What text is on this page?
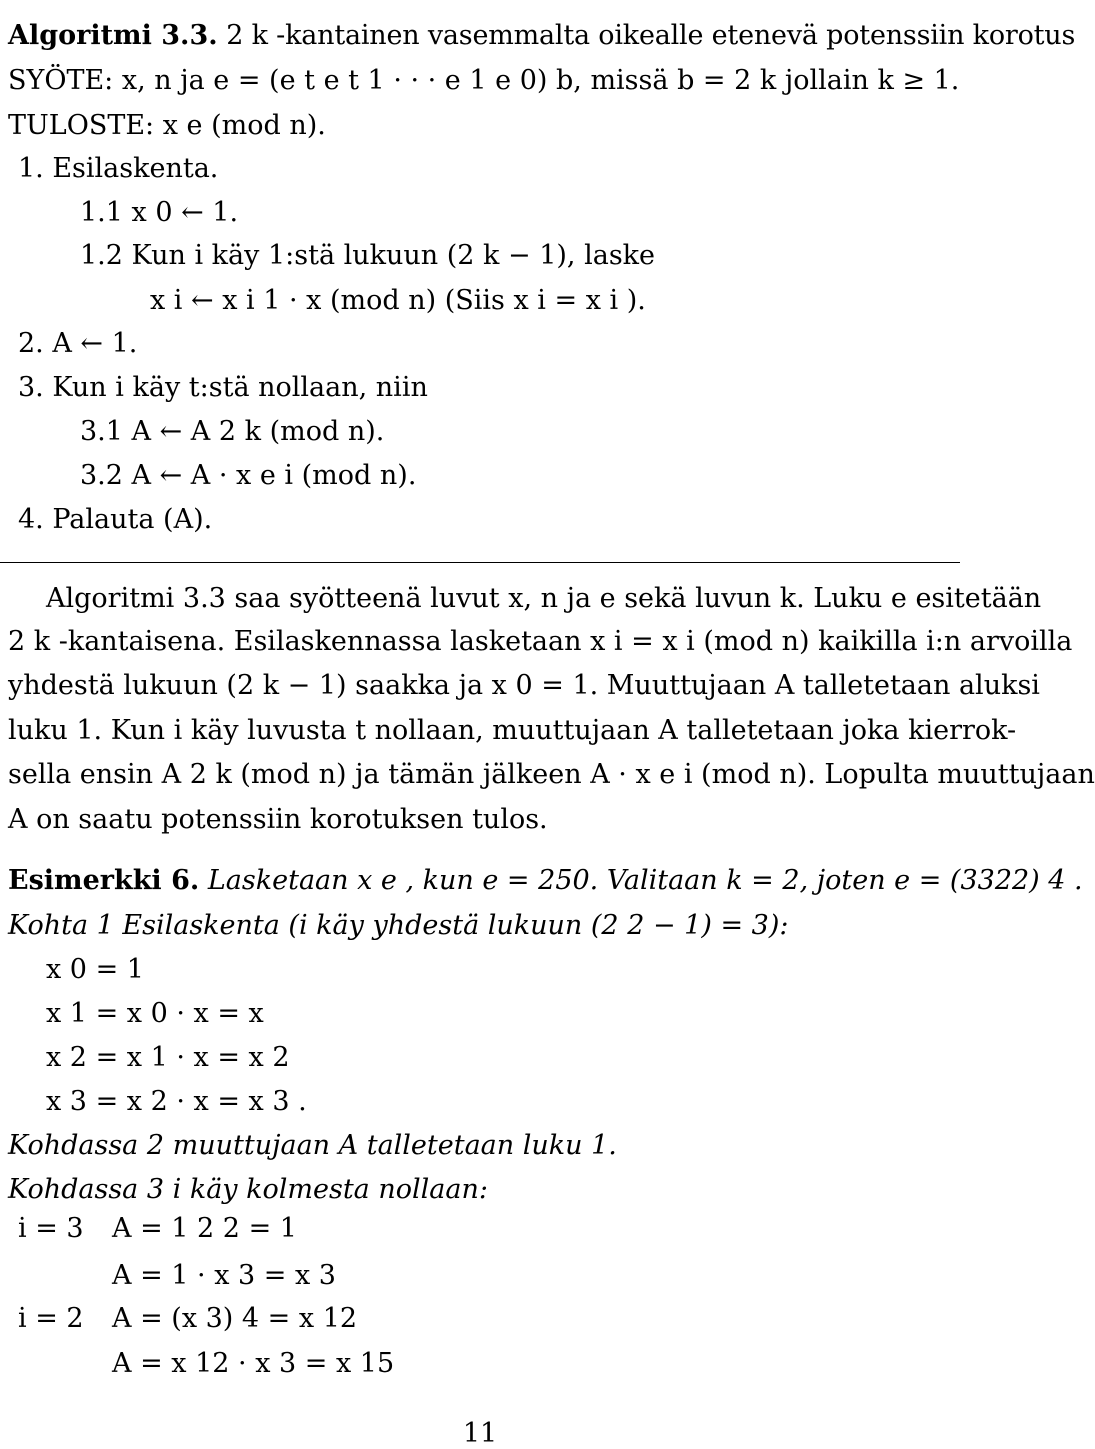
Algoritmi 3.3. 2 k -kantainen vasemmalta oikealle etenevä potenssiin korotus
SYÖTE: x, n ja e = (e t e t 1 · · · e 1 e 0) b, missä b = 2 k jollain k ≥ 1.
TULOSTE: x e (mod n).
1. Esilaskenta.
1.1 x 0 ← 1.
1.2 Kun i käy 1:stä lukuun (2 k − 1), laske
x i ← x i 1 · x (mod n) (Siis x i = x i ).
2. A ← 1.
3. Kun i käy t:stä nollaan, niin
3.1 A ← A 2 k (mod n).
3.2 A ← A · x e i (mod n).
4. Palauta (A).
Algoritmi 3.3 saa syötteenä luvut x, n ja e sekä luvun k. Luku e esitetään
2 k -kantaisena. Esilaskennassa lasketaan x i = x i (mod n) kaikilla i:n arvoilla
yhdestä lukuun (2 k − 1) saakka ja x 0 = 1. Muuttujaan A talletetaan aluksi
luku 1. Kun i käy luvusta t nollaan, muuttujaan A talletetaan joka kierrok-
sella ensin A 2 k (mod n) ja tämän jälkeen A · x e i (mod n). Lopulta muuttujaan
A on saatu potenssiin korotuksen tulos.
Esimerkki 6. Lasketaan x e , kun e = 250. Valitaan k = 2, joten e = (3322) 4 .
Kohta 1 Esilaskenta (i käy yhdestä lukuun (2 2 − 1) = 3):
x 0 = 1
x 1 = x 0 · x = x
x 2 = x 1 · x = x 2
x 3 = x 2 · x = x 3 .
Kohdassa 2 muuttujaan A talletetaan luku 1.
Kohdassa 3 i käy kolmesta nollaan:
i = 3 A = 1 2 2 = 1
A = 1 · x 3 = x 3
i = 2 A = (x 3) 4 = x 12
A = x 12 · x 3 = x 15
11
